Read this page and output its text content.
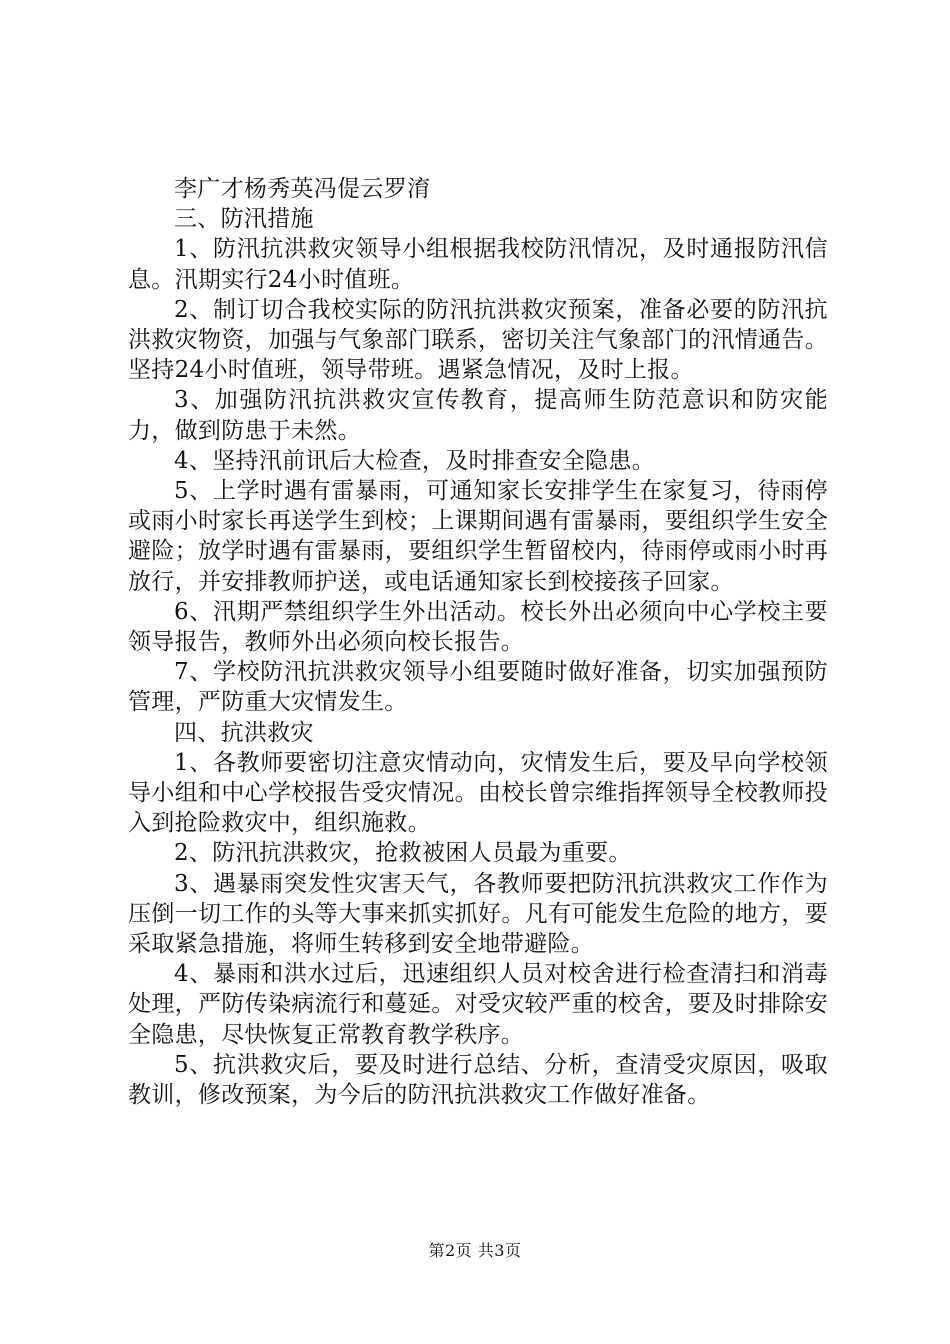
李广才杨秀英冯偍云罗淯

三、防汛措施

1、防汛抗洪救灾领导小组根据我校防汛情况，及时通报防汛信息。汛期实行24小时值班。

2、制订切合我校实际的防汛抗洪救灾预案，准备必要的防汛抗洪救灾物资，加强与气象部门联系，密切关注气象部门的汛情通告。坚持24小时值班，领导带班。遇紧急情况，及时上报。

3、加强防汛抗洪救灾宣传教育，提高师生防范意识和防灾能力，做到防患于未然。

4、坚持汛前讯后大检查，及时排查安全隐患。

5、上学时遇有雷暴雨，可通知家长安排学生在家复习，待雨停或雨小时家长再送学生到校；上课期间遇有雷暴雨，要组织学生安全避险；放学时遇有雷暴雨，要组织学生暂留校内，待雨停或雨小时再放行，并安排教师护送，或电话通知家长到校接孩子回家。

6、汛期严禁组织学生外出活动。校长外出必须向中心学校主要领导报告，教师外出必须向校长报告。

7、学校防汛抗洪救灾领导小组要随时做好准备，切实加强预防管理，严防重大灾情发生。

四、抗洪救灾

1、各教师要密切注意灾情动向，灾情发生后，要及早向学校领导小组和中心学校报告受灾情况。由校长曾宗维指挥领导全校教师投入到抢险救灾中，组织施救。

2、防汛抗洪救灾，抢救被困人员最为重要。

3、遇暴雨突发性灾害天气，各教师要把防汛抗洪救灾工作作为压倒一切工作的头等大事来抓实抓好。凡有可能发生危险的地方，要采取紧急措施，将师生转移到安全地带避险。

4、暴雨和洪水过后，迅速组织人员对校舍进行检查清扫和消毒处理，严防传染病流行和蔓延。对受灾较严重的校舍，要及时排除安全隐患，尽快恢复正常教育教学秩序。

5、抗洪救灾后，要及时进行总结、分析，查清受灾原因，吸取教训，修改预案，为今后的防汛抗洪救灾工作做好准备。

第2页 共3页
